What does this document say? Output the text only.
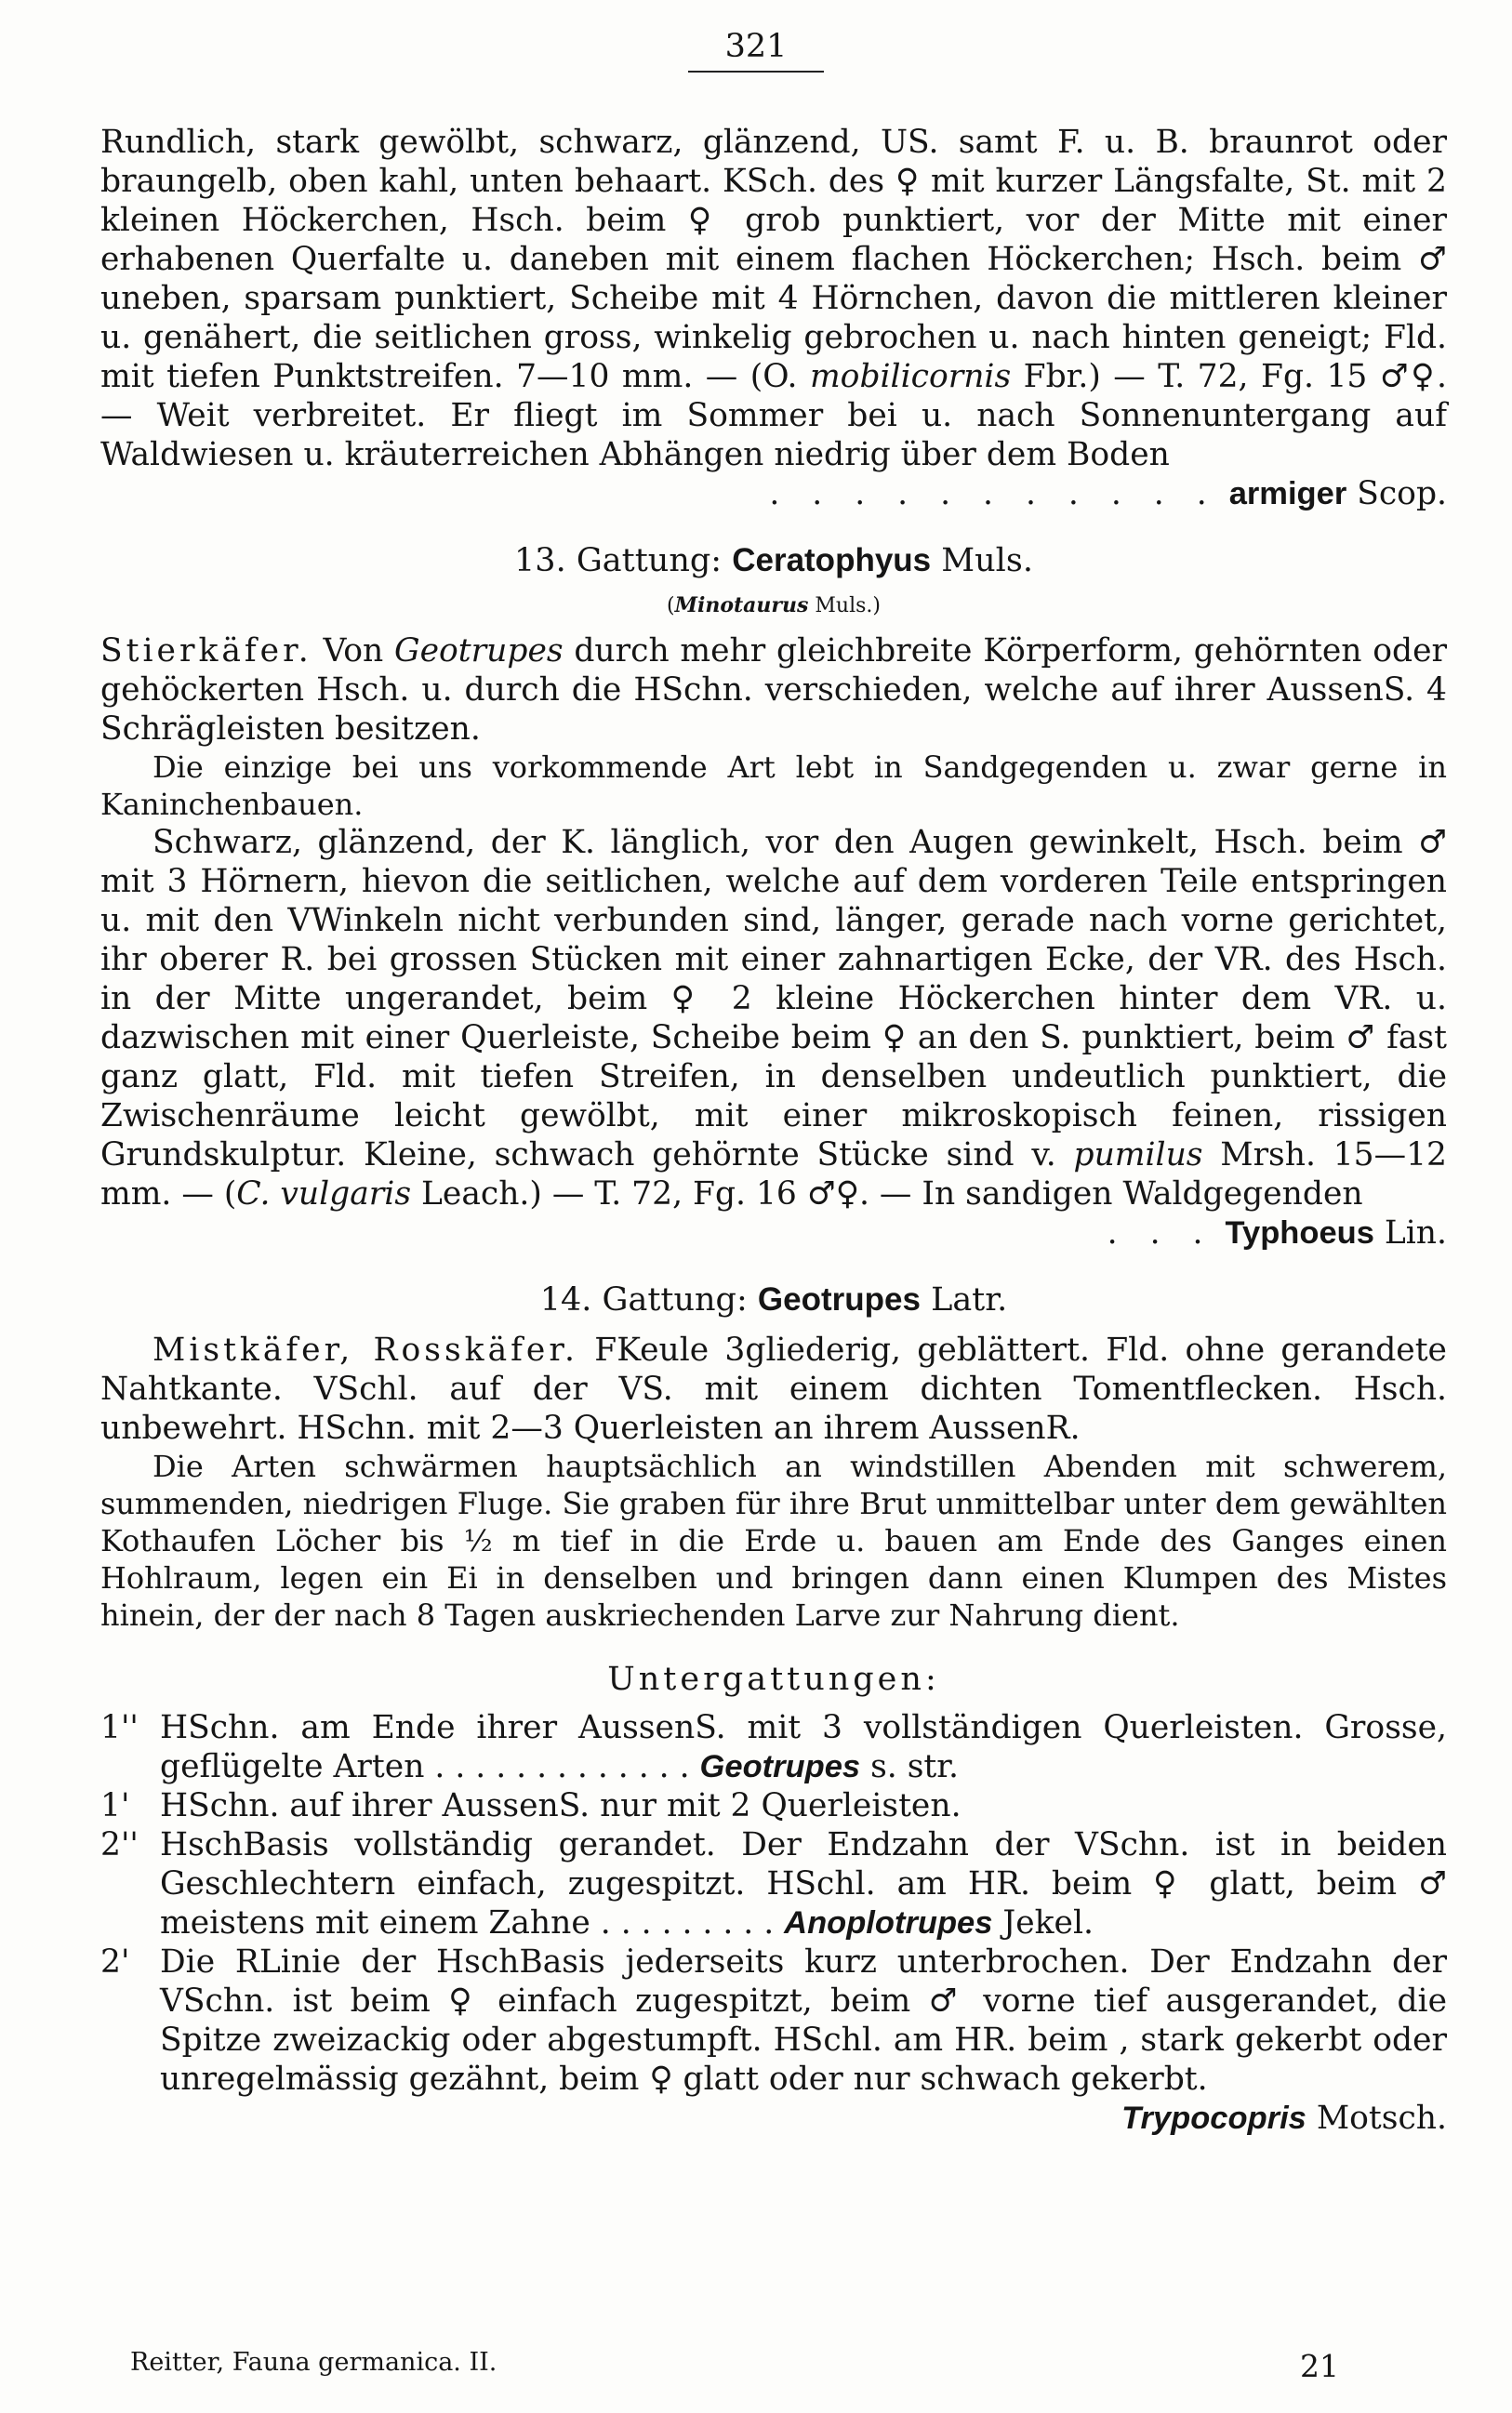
321

Rundlich, stark gewölbt, schwarz, glänzend, US. samt F. u. B. braunrot oder braungelb, oben kahl, unten behaart. KSch. des ♀ mit kurzer Längsfalte, St. mit 2 kleinen Höckerchen, Hsch. beim ♀ grob punktiert, vor der Mitte mit einer erhabenen Querfalte u. daneben mit einem flachen Höckerchen; Hsch. beim ♂ uneben, sparsam punktiert, Scheibe mit 4 Hörnchen, davon die mittleren kleiner u. genähert, die seitlichen gross, winkelig gebrochen u. nach hinten geneigt; Fld. mit tiefen Punktstreifen. 7—10 mm. — (O. mobilicornis Fbr.) — T. 72, Fg. 15 ♂♀. — Weit verbreitet. Er fliegt im Sommer bei u. nach Sonnenuntergang auf Waldwiesen u. kräuterreichen Abhängen niedrig über dem Boden

. . . . . . . . . . . armiger Scop.
13. Gattung: Ceratophyus Muls.
(Minotaurus Muls.)

Stierkäfer. Von Geotrupes durch mehr gleichbreite Körperform, gehörnten oder gehöckerten Hsch. u. durch die HSchn. verschieden, welche auf ihrer AussenS. 4 Schrägleisten besitzen.

Die einzige bei uns vorkommende Art lebt in Sandgegenden u. zwar gerne in Kaninchenbauen.

Schwarz, glänzend, der K. länglich, vor den Augen gewinkelt, Hsch. beim ♂ mit 3 Hörnern, hievon die seitlichen, welche auf dem vorderen Teile entspringen u. mit den VWinkeln nicht verbunden sind, länger, gerade nach vorne gerichtet, ihr oberer R. bei grossen Stücken mit einer zahnartigen Ecke, der VR. des Hsch. in der Mitte ungerandet, beim ♀ 2 kleine Höckerchen hinter dem VR. u. dazwischen mit einer Querleiste, Scheibe beim ♀ an den S. punktiert, beim ♂ fast ganz glatt, Fld. mit tiefen Streifen, in denselben undeutlich punktiert, die Zwischenräume leicht gewölbt, mit einer mikroskopisch feinen, rissigen Grundskulptur. Kleine, schwach gehörnte Stücke sind v. pumilus Mrsh. 15—12 mm. — (C. vulgaris Leach.) — T. 72, Fg. 16 ♂♀. — In sandigen Waldgegenden

. . . Typhoeus Lin.
14. Gattung: Geotrupes Latr.

Mistkäfer, Rosskäfer. FKeule 3gliederig, geblättert. Fld. ohne gerandete Nahtkante. VSchl. auf der VS. mit einem dichten Tomentflecken. Hsch. unbewehrt. HSchn. mit 2—3 Querleisten an ihrem AussenR.

Die Arten schwärmen hauptsächlich an windstillen Abenden mit schwerem, summenden, niedrigen Fluge. Sie graben für ihre Brut unmittelbar unter dem gewählten Kothaufen Löcher bis ½ m tief in die Erde u. bauen am Ende des Ganges einen Hohlraum, legen ein Ei in denselben und bringen dann einen Klumpen des Mistes hinein, der der nach 8 Tagen auskriechenden Larve zur Nahrung dient.

Untergattungen:
1'' HSchn. am Ende ihrer AussenS. mit 3 vollständigen Querleisten. Grosse, geflügelte Arten . . . . . . . . . . . . . Geotrupes s. str.
1' HSchn. auf ihrer AussenS. nur mit 2 Querleisten.
2'' HschBasis vollständig gerandet. Der Endzahn der VSchn. ist in beiden Geschlechtern einfach, zugespitzt. HSchl. am HR. beim ♀ glatt, beim ♂ meistens mit einem Zahne . . . . . . . . . Anoplotrupes Jekel.
2' Die RLinie der HschBasis jederseits kurz unterbrochen. Der Endzahn der VSchn. ist beim ♀ einfach zugespitzt, beim ♂ vorne tief ausgerandet, die Spitze zweizackig oder abgestumpft. HSchl. am HR. beim , stark gekerbt oder unregelmässig gezähnt, beim ♀ glatt oder nur schwach gekerbt.
Trypocopris Motsch.
Reitter, Fauna germanica. II.	21
